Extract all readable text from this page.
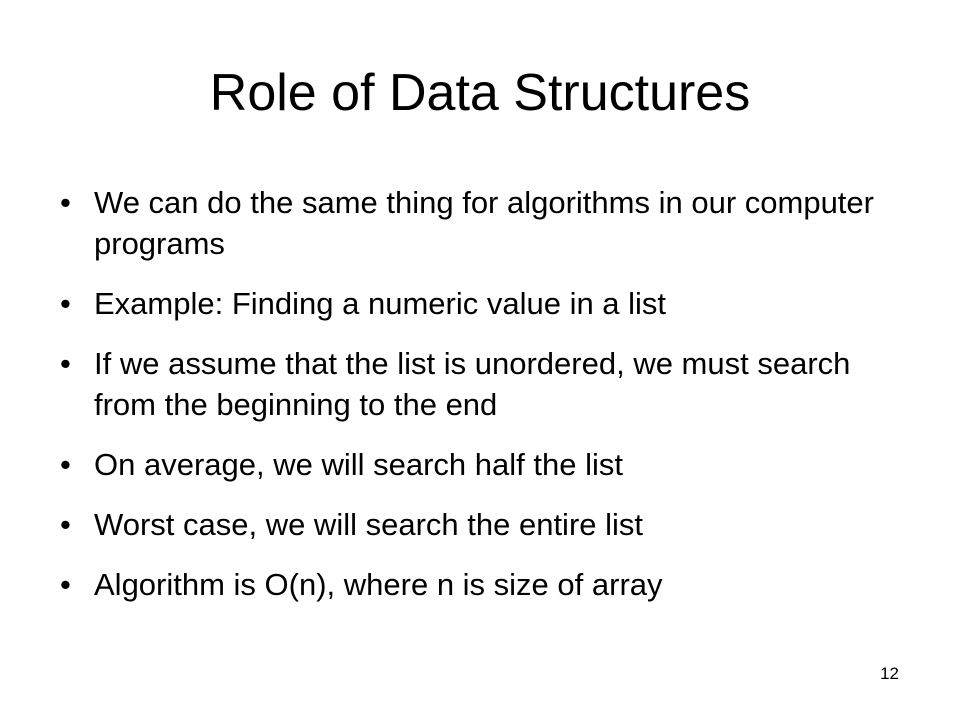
Role of Data Structures
• We can do the same thing for algorithms in our computer programs
• Example: Finding a numeric value in a list
• If we assume that the list is unordered, we must search from the beginning to the end
• On average, we will search half the list
• Worst case, we will search the entire list
• Algorithm is O(n), where n is size of array
12
